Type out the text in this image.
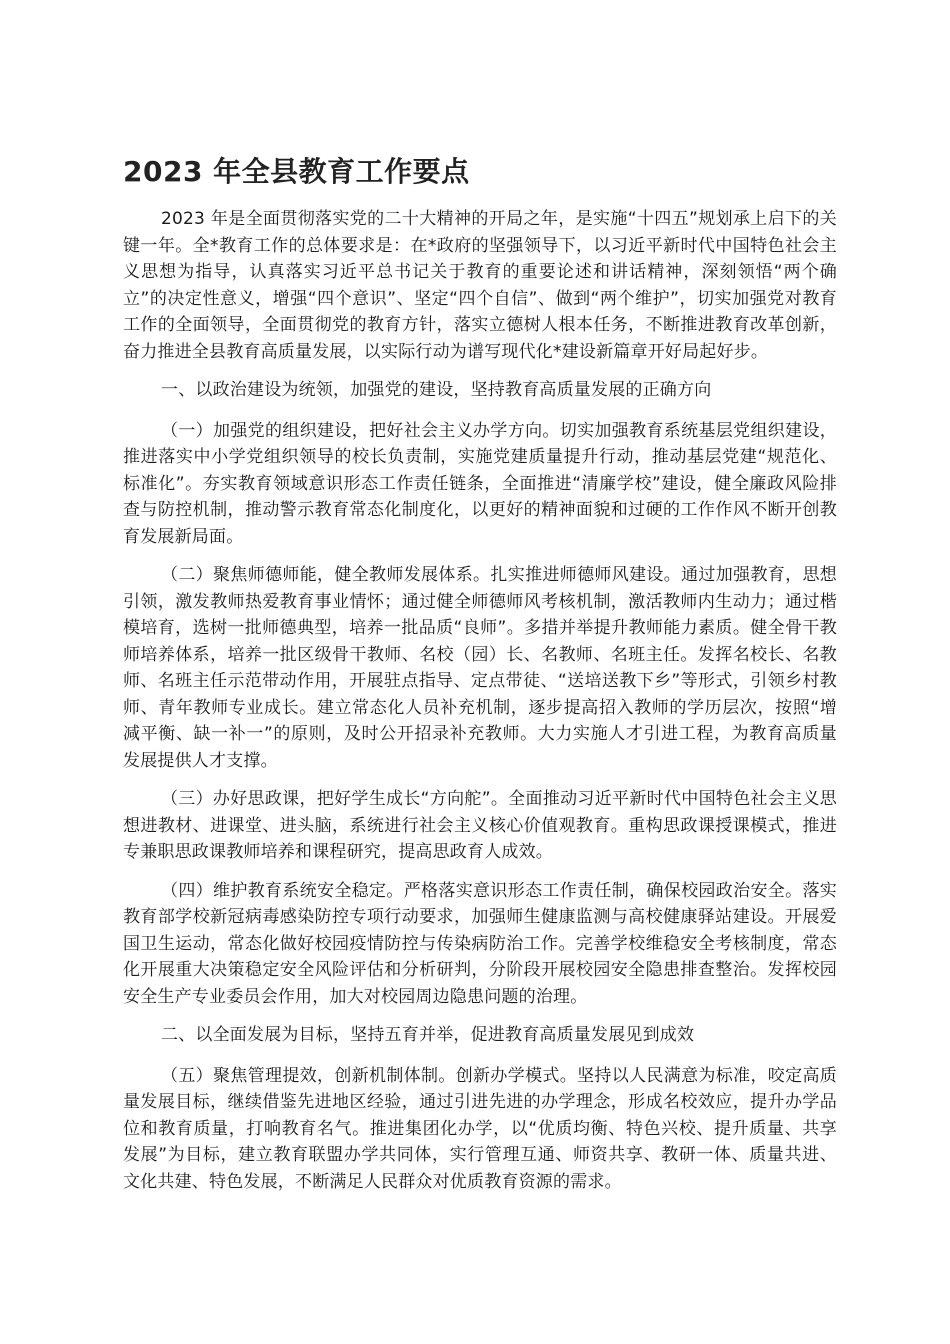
2023 年全县教育工作要点

2023 年是全面贯彻落实党的二十大精神的开局之年，是实施“十四五”规划承上启下的关键一年。全*教育工作的总体要求是：在*政府的坚强领导下，以习近平新时代中国特色社会主义思想为指导，认真落实习近平总书记关于教育的重要论述和讲话精神，深刻领悟“两个确立”的决定性意义，增强“四个意识”、坚定“四个自信”、做到“两个维护”，切实加强党对教育工作的全面领导，全面贯彻党的教育方针，落实立德树人根本任务，不断推进教育改革创新，奋力推进全县教育高质量发展，以实际行动为谱写现代化*建设新篇章开好局起好步。

一、以政治建设为统领，加强党的建设，坚持教育高质量发展的正确方向

（一）加强党的组织建设，把好社会主义办学方向。切实加强教育系统基层党组织建设，推进落实中小学党组织领导的校长负责制，实施党建质量提升行动，推动基层党建“规范化、标准化”。夯实教育领域意识形态工作责任链条，全面推进“清廉学校”建设，健全廉政风险排查与防控机制，推动警示教育常态化制度化，以更好的精神面貌和过硬的工作作风不断开创教育发展新局面。

（二）聚焦师德师能，健全教师发展体系。扎实推进师德师风建设。通过加强教育，思想引领，激发教师热爱教育事业情怀；通过健全师德师风考核机制，激活教师内生动力；通过楷模培育，选树一批师德典型，培养一批品质“良师”。多措并举提升教师能力素质。健全骨干教师培养体系，培养一批区级骨干教师、名校（园）长、名教师、名班主任。发挥名校长、名教师、名班主任示范带动作用，开展驻点指导、定点带徒、“送培送教下乡”等形式，引领乡村教师、青年教师专业成长。建立常态化人员补充机制，逐步提高招入教师的学历层次，按照“增减平衡、缺一补一”的原则，及时公开招录补充教师。大力实施人才引进工程，为教育高质量发展提供人才支撑。

（三）办好思政课，把好学生成长“方向舵”。全面推动习近平新时代中国特色社会主义思想进教材、进课堂、进头脑，系统进行社会主义核心价值观教育。重构思政课授课模式，推进专兼职思政课教师培养和课程研究，提高思政育人成效。

（四）维护教育系统安全稳定。严格落实意识形态工作责任制，确保校园政治安全。落实教育部学校新冠病毒感染防控专项行动要求，加强师生健康监测与高校健康驿站建设。开展爱国卫生运动，常态化做好校园疫情防控与传染病防治工作。完善学校维稳安全考核制度，常态化开展重大决策稳定安全风险评估和分析研判，分阶段开展校园安全隐患排查整治。发挥校园安全生产专业委员会作用，加大对校园周边隐患问题的治理。

二、以全面发展为目标，坚持五育并举，促进教育高质量发展见到成效

（五）聚焦管理提效，创新机制体制。创新办学模式。坚持以人民满意为标准，咬定高质量发展目标，继续借鉴先进地区经验，通过引进先进的办学理念，形成名校效应，提升办学品位和教育质量，打响教育名气。推进集团化办学，以“优质均衡、特色兴校、提升质量、共享发展”为目标，建立教育联盟办学共同体，实行管理互通、师资共享、教研一体、质量共进、文化共建、特色发展，不断满足人民群众对优质教育资源的需求。
